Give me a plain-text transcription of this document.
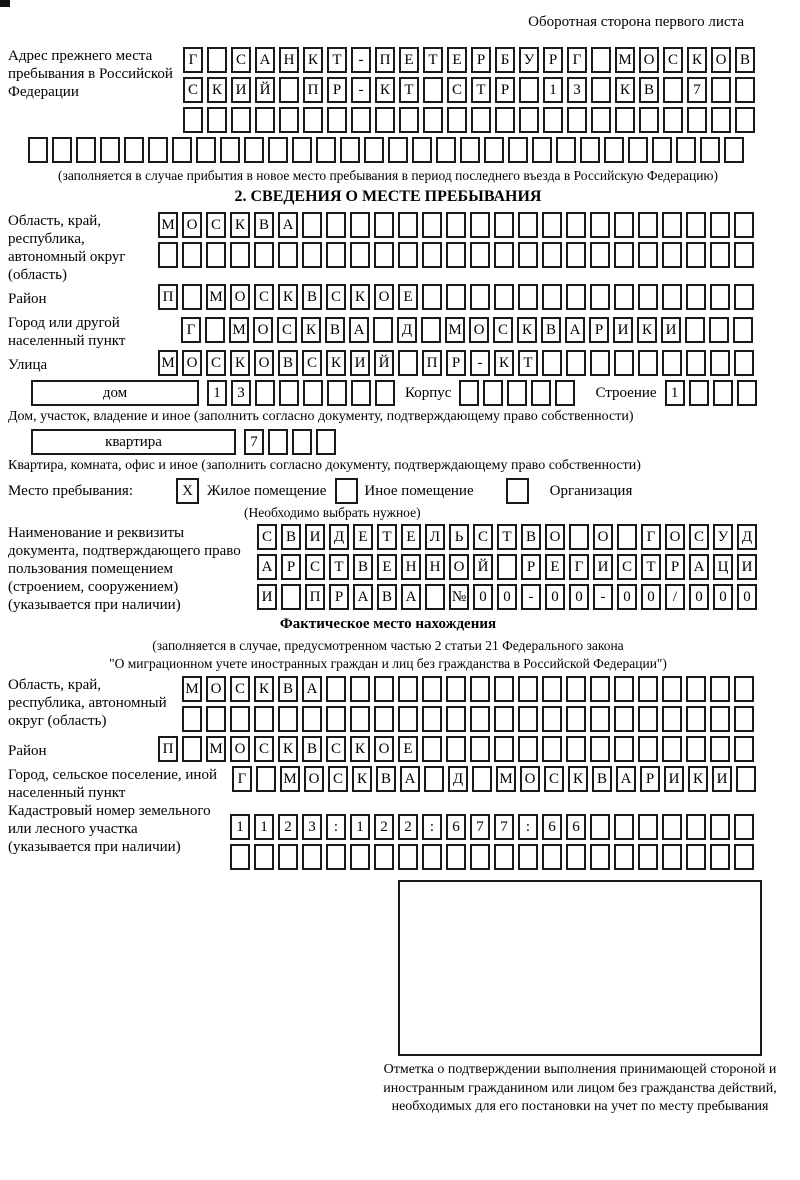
Оборотная сторона первого листа
Адрес прежнего места пребывания в Российской Федерации
Г	С А Н К Т	-	П Е Т Е	Р	Б У Р	Г	М О С К О В
С К И Й	П Р	-	К Т	С Т	Р	1	3	К В	7
(заполняется в случае прибытия в новое место пребывания в период последнего въезда в Российскую Федерацию)
2. СВЕДЕНИЯ О МЕСТЕ ПРЕБЫВАНИЯ
Область, край, республика, автономный округ (область)
М О С К В А
Район	П	М О С К В С К О Е
Город или другой населенный пункт
Г	М О С К В А	Д	М О С К В А Р И К И
Улица	М О С К О В С К И Й	П Р	-	К Т
дом	1	3	Корпус	Строение 1
Дом, участок, владение и иное (заполнить согласно документу, подтверждающему право собственности)
квартира	7
Квартира, комната, офис и иное (заполнить согласно документу, подтверждающему право собственности)
Место пребывания:	X Жилое помещение	Иное помещение	Организация
(Необходимо выбрать нужное)
Наименование и реквизиты документа, подтверждающего право пользования помещением (строением, сооружением) (указывается при наличии)
С В И Д Е Т Е Л Ь С Т В О	О	Г О С У Д
А Р С Т В Е Н Н О Й	Р	Е	Г И С Т	Р А Ц И
И	П Р А В А	№ 0	0	-	0	0	-	0	0	/	0	0	0
Фактическое место нахождения
(заполняется в случае, предусмотренном частью 2 статьи 21 Федерального закона
"О миграционном учете иностранных граждан и лиц без гражданства в Российской Федерации")
Область, край, республика, автономный округ (область)
М О С К В А
Район	П	М О С К В С К О Е
Город, сельское поселение, иной населенный пункт
Г	М О С К В А	Д	М О С К В А Р И К И
Кадастровый номер земельного или лесного участка (указывается при наличии)
1	1	2	3	:	1	2	2	:	6	7	7	:	6	6
Отметка о подтверждении выполнения принимающей стороной и иностранным гражданином или лицом без гражданства действий, необходимых для его постановки на учет по месту пребывания
